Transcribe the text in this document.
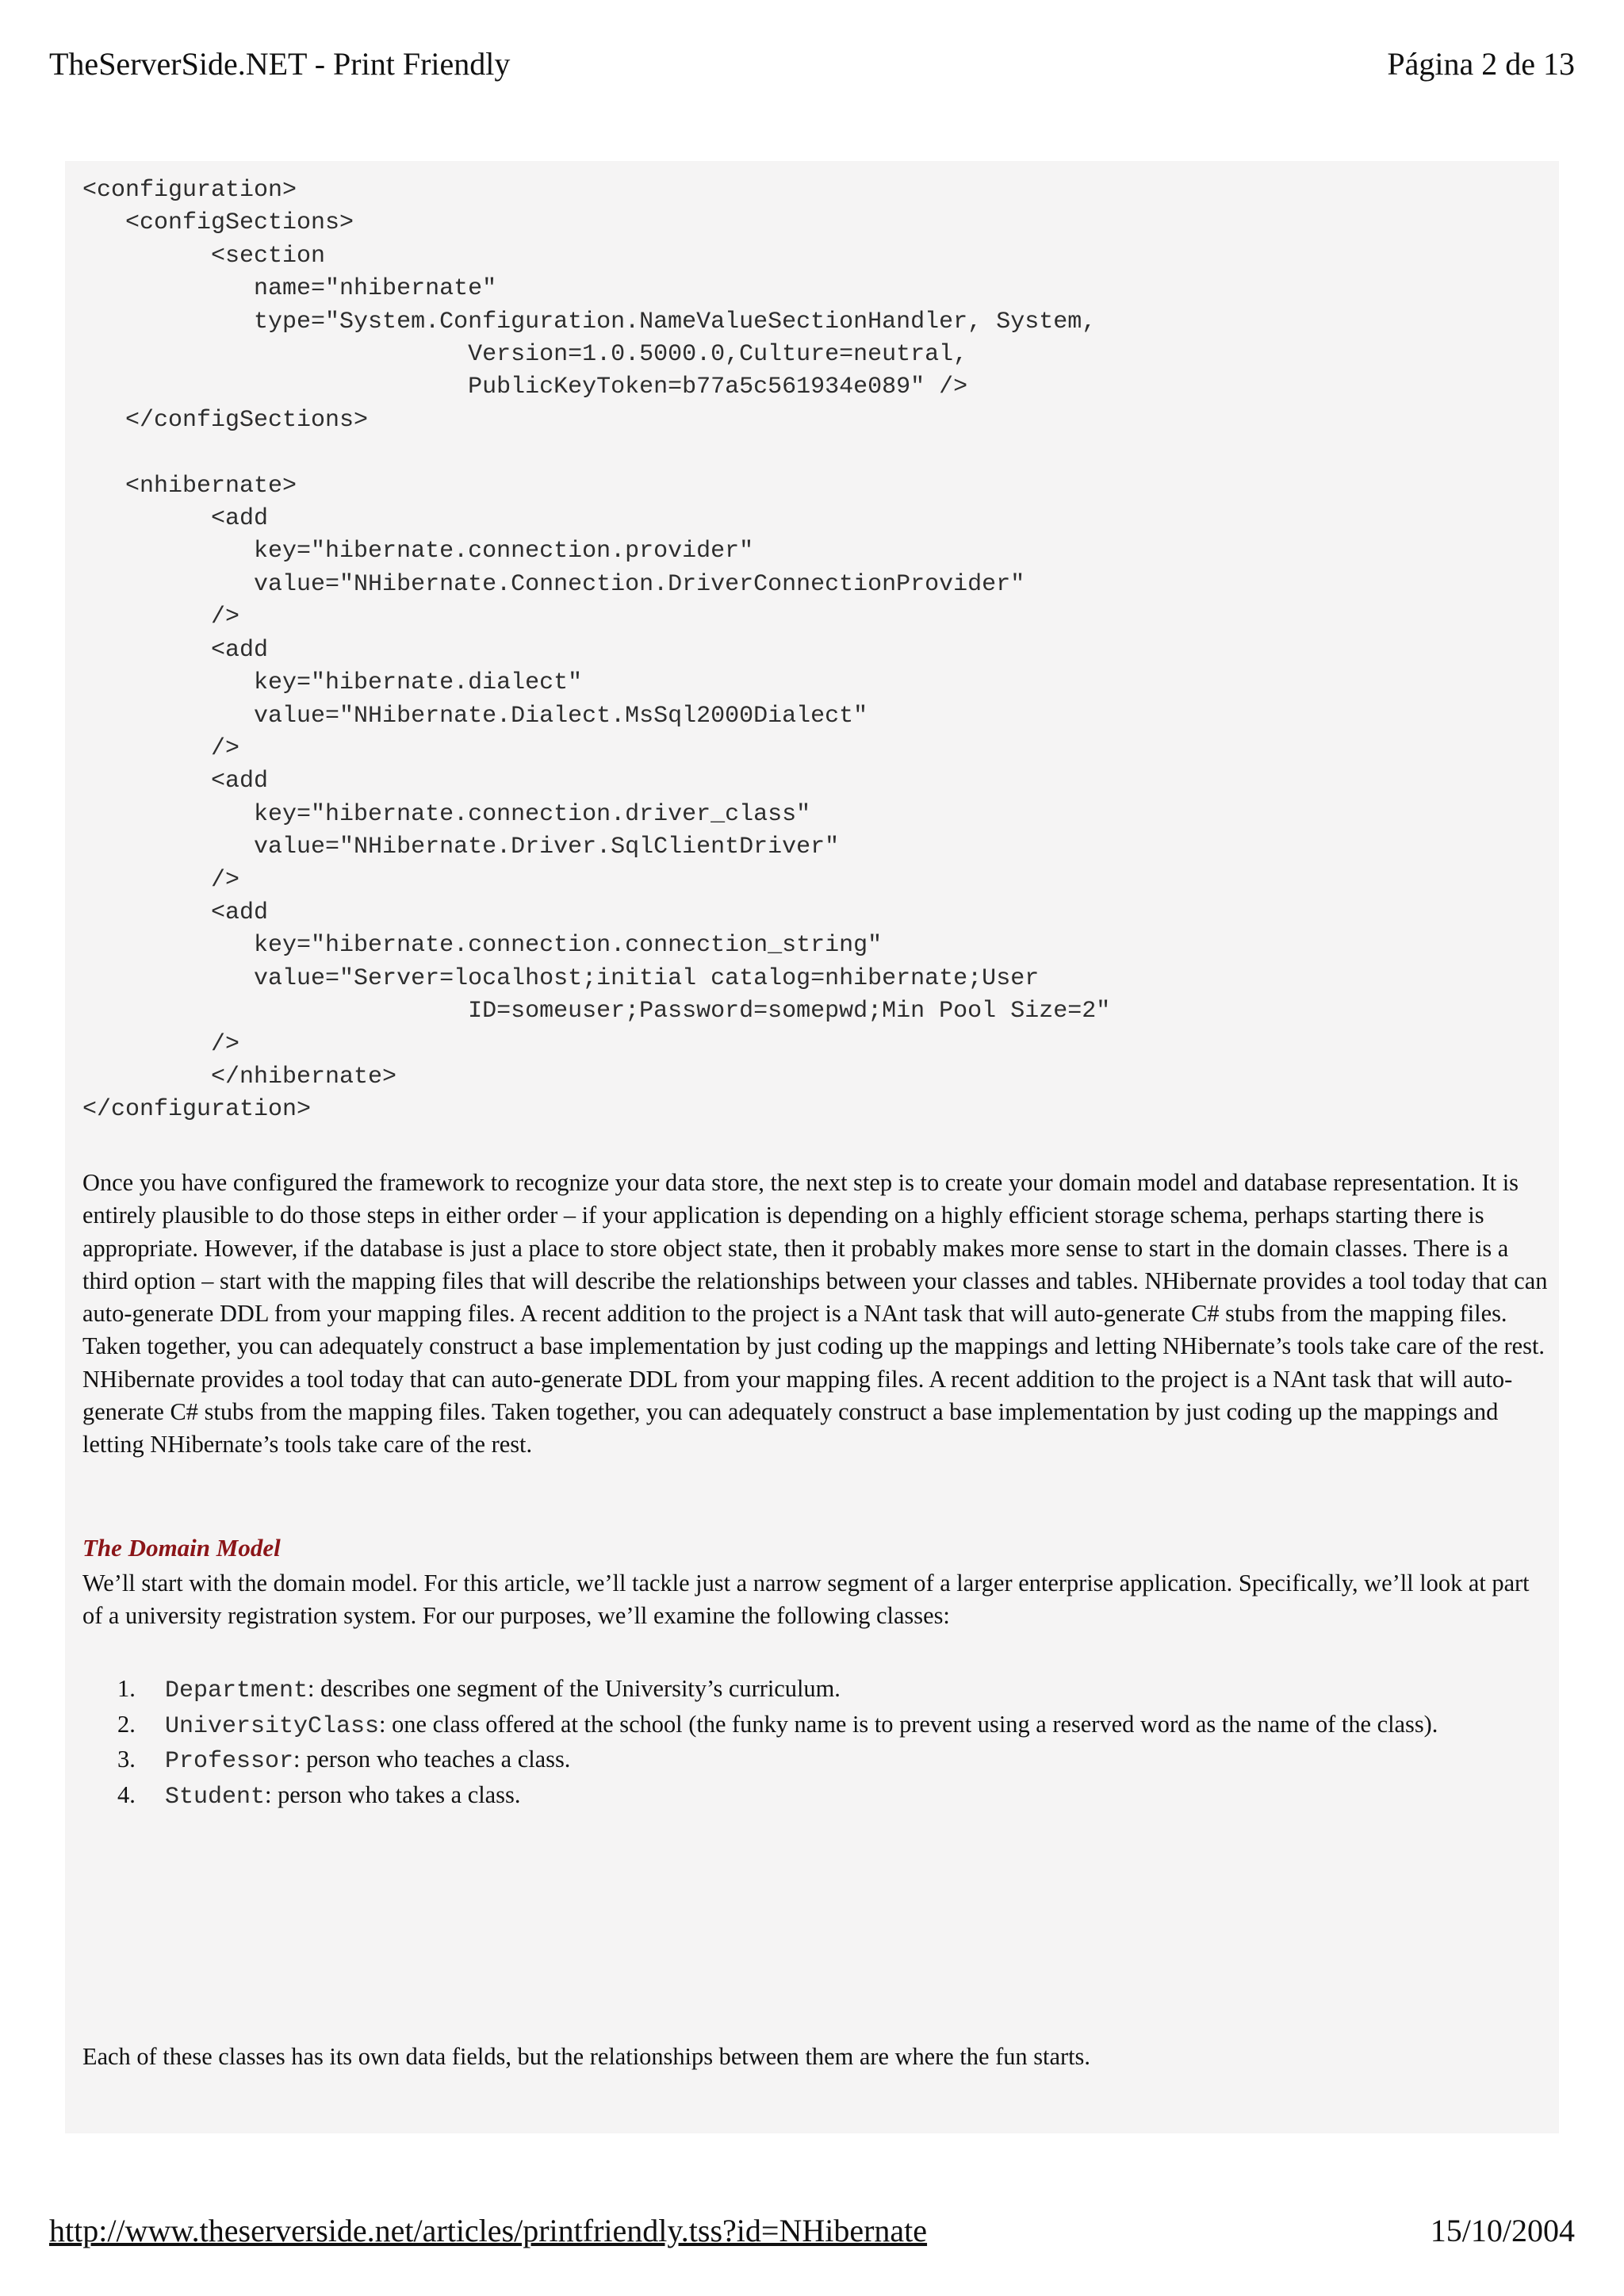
TheServerSide.NET - Print Friendly	Página 2 de 13
<configuration>
<configSections>
<section
name="nhibernate"
type="System.Configuration.NameValueSectionHandler, System,
Version=1.0.5000.0,Culture=neutral,
PublicKeyToken=b77a5c561934e089" />
</configSections>

<nhibernate>
<add
key="hibernate.connection.provider"
value="NHibernate.Connection.DriverConnectionProvider"
/>
<add
key="hibernate.dialect"
value="NHibernate.Dialect.MsSql2000Dialect"
/>
<add
key="hibernate.connection.driver_class"
value="NHibernate.Driver.SqlClientDriver"
/>
<add
key="hibernate.connection.connection_string"
value="Server=localhost;initial catalog=nhibernate;User
ID=someuser;Password=somepwd;Min Pool Size=2"
/>
</nhibernate>
</configuration>

Once you have configured the framework to recognize your data store, the next step is to create your domain model and database representation. It is entirely plausible to do those steps in either order – if your application is depending on a highly efficient storage schema, perhaps starting there is appropriate. However, if the database is just a place to store object state, then it probably makes more sense to start in the domain classes. There is a third option – start with the mapping files that will describe the relationships between your classes and tables. NHibernate provides a tool today that can auto-generate DDL from your mapping files. A recent addition to the project is a NAnt task that will auto-generate C# stubs from the mapping files. Taken together, you can adequately construct a base implementation by just coding up the mappings and letting NHibernate’s tools take care of the rest. NHibernate provides a tool today that can auto-generate DDL from your mapping files. A recent addition to the project is a NAnt task that will auto-generate C# stubs from the mapping files. Taken together, you can adequately construct a base implementation by just coding up the mappings and letting NHibernate’s tools take care of the rest.

The Domain Model

We’ll start with the domain model. For this article, we’ll tackle just a narrow segment of a larger enterprise application. Specifically, we’ll look at part of a university registration system. For our purposes, we’ll examine the following classes:

1. Department: describes one segment of the University’s curriculum.
2. UniversityClass: one class offered at the school (the funky name is to prevent using a reserved word as the name of the class).
3. Professor: person who teaches a class.
4. Student: person who takes a class.

Each of these classes has its own data fields, but the relationships between them are where the fun starts.

http://www.theserverside.net/articles/printfriendly.tss?id=NHibernate	15/10/2004
